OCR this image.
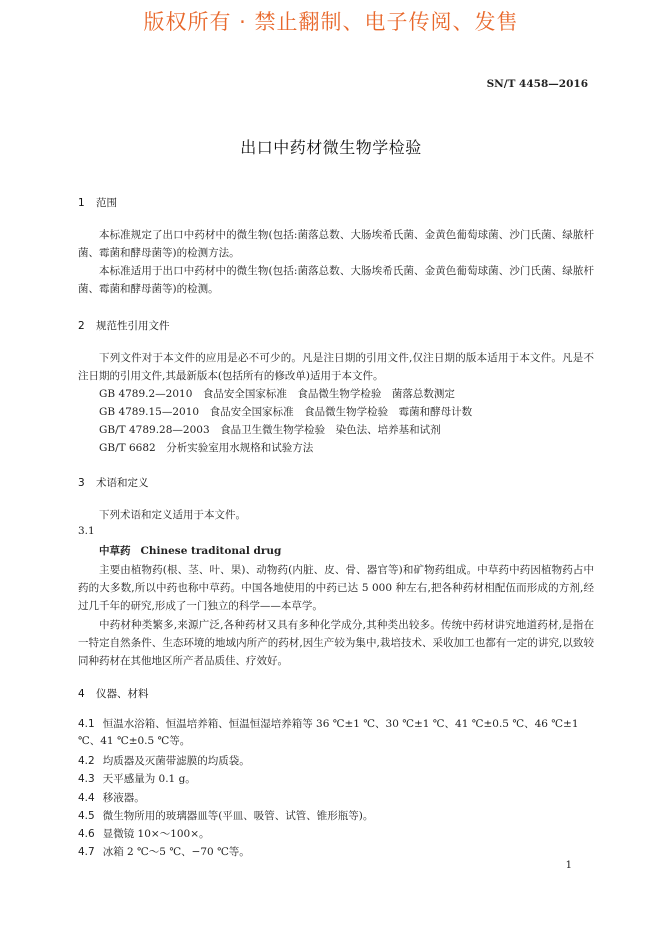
版权所有 · 禁止翻制、电子传阅、发售
SN/T 4458—2016
出口中药材微生物学检验
1 范围
本标准规定了出口中药材中的微生物(包括:菌落总数、大肠埃希氏菌、金黄色葡萄球菌、沙门氏菌、绿脓杆菌、霉菌和酵母菌等)的检测方法。
本标准适用于出口中药材中的微生物(包括:菌落总数、大肠埃希氏菌、金黄色葡萄球菌、沙门氏菌、绿脓杆菌、霉菌和酵母菌等)的检测。
2 规范性引用文件
下列文件对于本文件的应用是必不可少的。凡是注日期的引用文件,仅注日期的版本适用于本文件。凡是不注日期的引用文件,其最新版本(包括所有的修改单)适用于本文件。
GB 4789.2—2010　食品安全国家标准　食品微生物学检验　菌落总数测定
GB 4789.15—2010　食品安全国家标准　食品微生物学检验　霉菌和酵母计数
GB/T 4789.28—2003　食品卫生微生物学检验　染色法、培养基和试剂
GB/T 6682　分析实验室用水规格和试验方法
3 术语和定义
下列术语和定义适用于本文件。
3.1
中草药 Chinese traditonal drug
主要由植物药(根、茎、叶、果)、动物药(内脏、皮、骨、器官等)和矿物药组成。中草药中药因植物药占中药的大多数,所以中药也称中草药。中国各地使用的中药已达 5 000 种左右,把各种药材相配伍而形成的方剂,经过几千年的研究,形成了一门独立的科学——本草学。
中药材种类繁多,来源广泛,各种药材又具有多种化学成分,其种类出较多。传统中药材讲究地道药材,是指在一特定自然条件、生态环境的地域内所产的药材,因生产较为集中,栽培技术、采收加工也都有一定的讲究,以致较同种药材在其他地区所产者品质佳、疗效好。
4 仪器、材料
4.1 恒温水浴箱、恒温培养箱、恒温恒湿培养箱等 36 ℃±1 ℃、30 ℃±1 ℃、41 ℃±0.5 ℃、46 ℃±1 ℃、41 ℃±0.5 ℃等。
4.2 均质器及灭菌带滤膜的均质袋。
4.3 天平感量为 0.1 g。
4.4 移液器。
4.5 微生物所用的玻璃器皿等(平皿、吸管、试管、锥形瓶等)。
4.6 显微镜 10×～100×。
4.7 冰箱 2 ℃～5 ℃、−70 ℃等。
1
